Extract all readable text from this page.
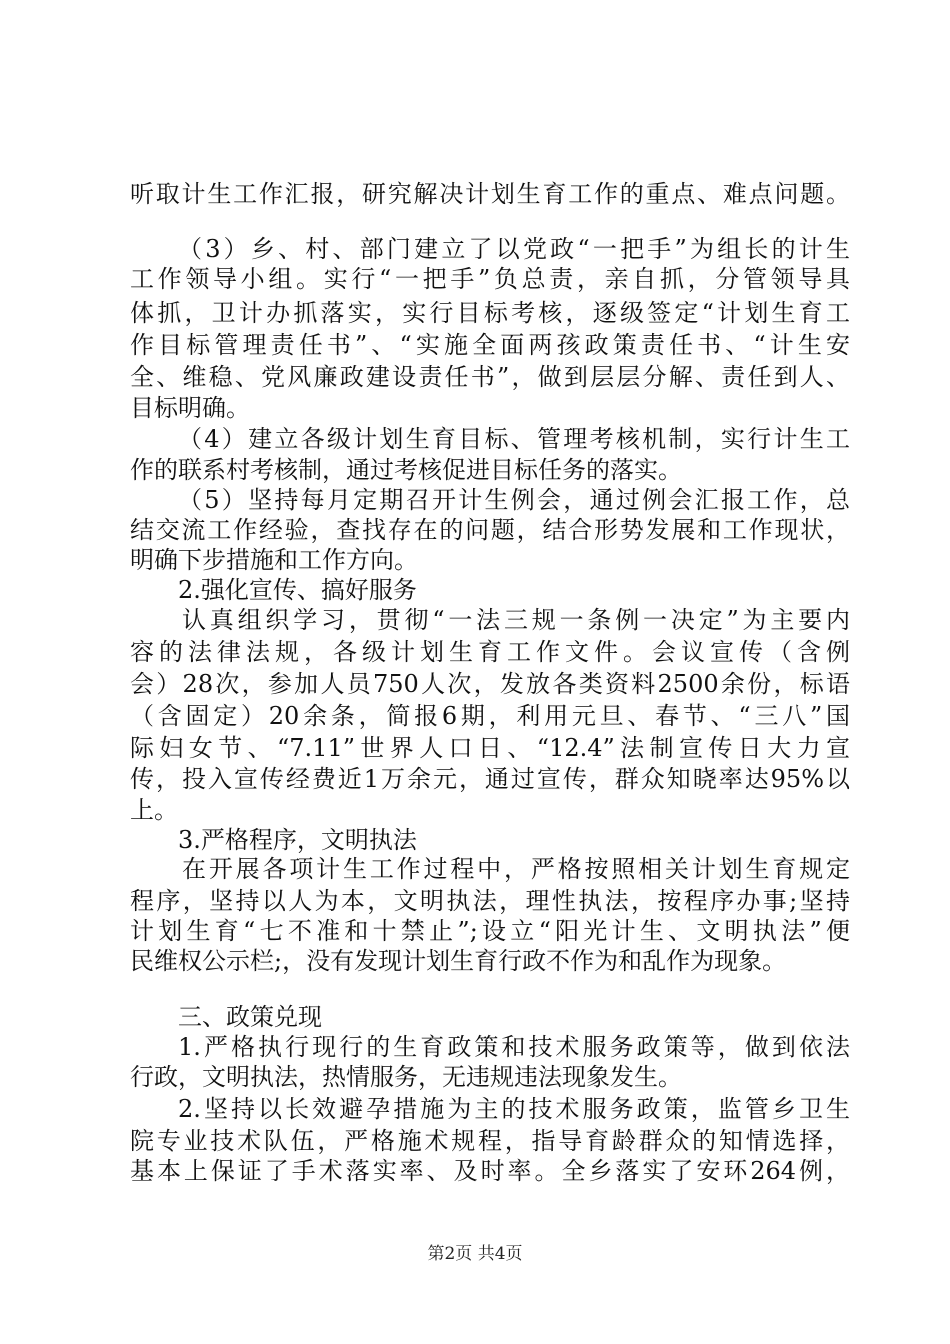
听取计生工作汇报，研究解决计划生育工作的重点、难点问题。
（3）乡、村、部门建立了以党政“一把手”为组长的计生
工作领导小组。实行“一把手”负总责，亲自抓，分管领导具
体抓，卫计办抓落实，实行目标考核，逐级签定“计划生育工
作目标管理责任书”、“实施全面两孩政策责任书、“计生安
全、维稳、党风廉政建设责任书”，做到层层分解、责任到人、
目标明确。
（4）建立各级计划生育目标、管理考核机制，实行计生工
作的联系村考核制，通过考核促进目标任务的落实。
（5）坚持每月定期召开计生例会，通过例会汇报工作，总
结交流工作经验，查找存在的问题，结合形势发展和工作现状，
明确下步措施和工作方向。
2.强化宣传、搞好服务
认真组织学习，贯彻“一法三规一条例一决定”为主要内
容的法律法规，各级计划生育工作文件。会议宣传（含例
会）28次，参加人员750人次，发放各类资料2500余份，标语
（含固定）20余条，简报6期，利用元旦、春节、“三八”国
际妇女节、“7.11”世界人口日、“12.4”法制宣传日大力宣
传，投入宣传经费近1万余元，通过宣传，群众知晓率达95%以
上。
3.严格程序，文明执法
在开展各项计生工作过程中，严格按照相关计划生育规定
程序，坚持以人为本，文明执法，理性执法，按程序办事;坚持
计划生育“七不准和十禁止”;设立“阳光计生、文明执法”便
民维权公示栏;，没有发现计划生育行政不作为和乱作为现象。
三、政策兑现
1.严格执行现行的生育政策和技术服务政策等，做到依法
行政，文明执法，热情服务，无违规违法现象发生。
2.坚持以长效避孕措施为主的技术服务政策，监管乡卫生
院专业技术队伍，严格施术规程，指导育龄群众的知情选择，
基本上保证了手术落实率、及时率。全乡落实了安环264例，
第2页 共4页
